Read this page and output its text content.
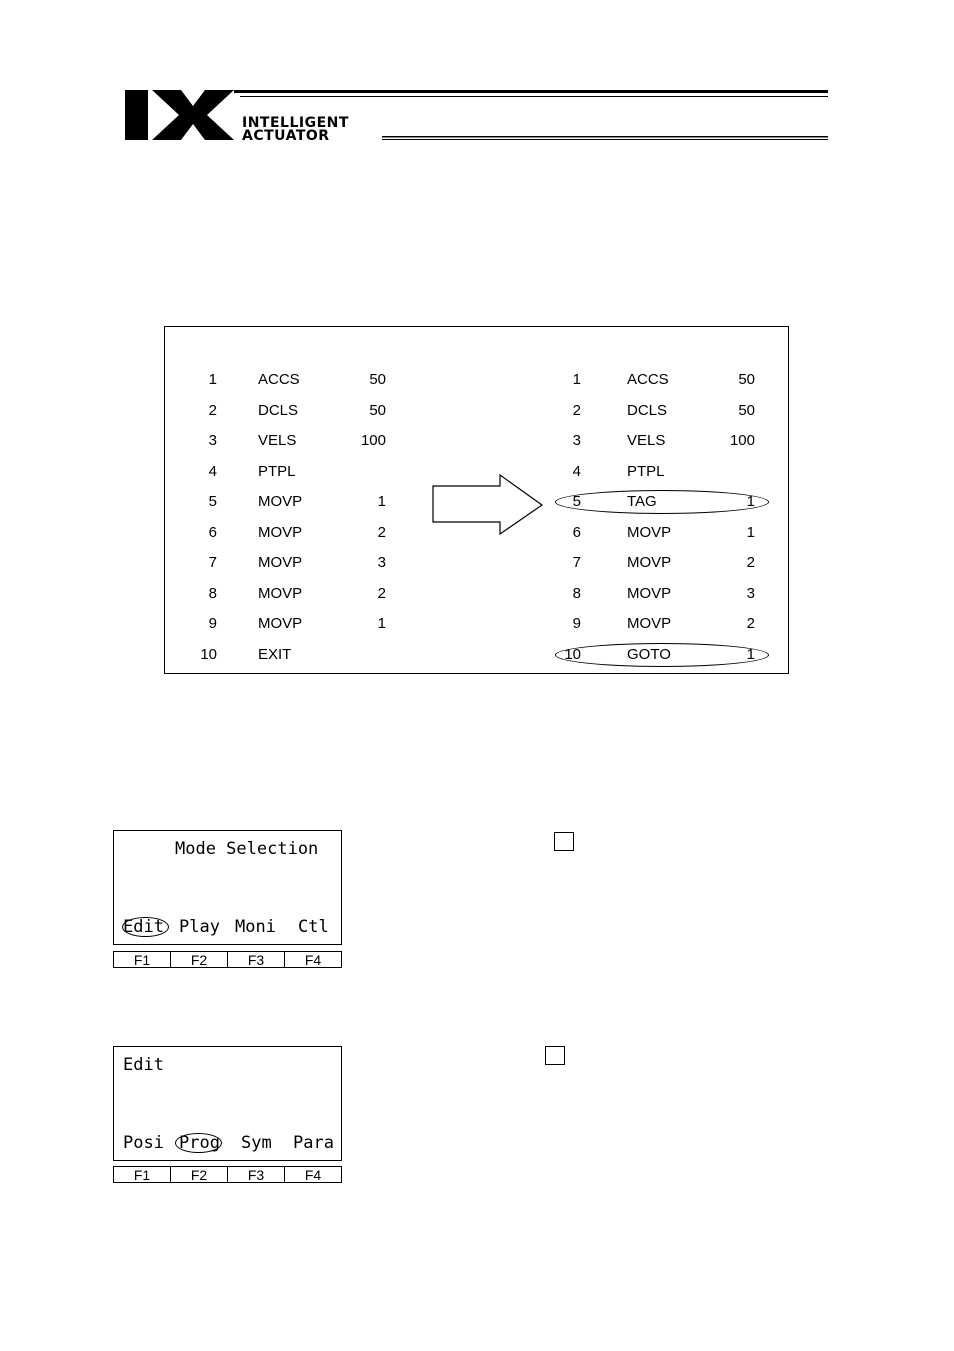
INTELLIGENT
ACTUATOR
1	ACCS	50
2	DCLS	50
3	VELS	100
4	PTPL
5	MOVP	1
6	MOVP	2
7	MOVP	3
8	MOVP	2
9	MOVP	1
10	EXIT
1	ACCS	50
2	DCLS	50
3	VELS	100
4	PTPL
5	TAG	1
6	MOVP	1
7	MOVP	2
8	MOVP	3
9	MOVP	2
10	GOTO	1
Mode Selection
Edit Play Moni Ctl
F1	F2	F3	F4
Edit
Posi Prog Sym Para
F1	F2	F3	F4
